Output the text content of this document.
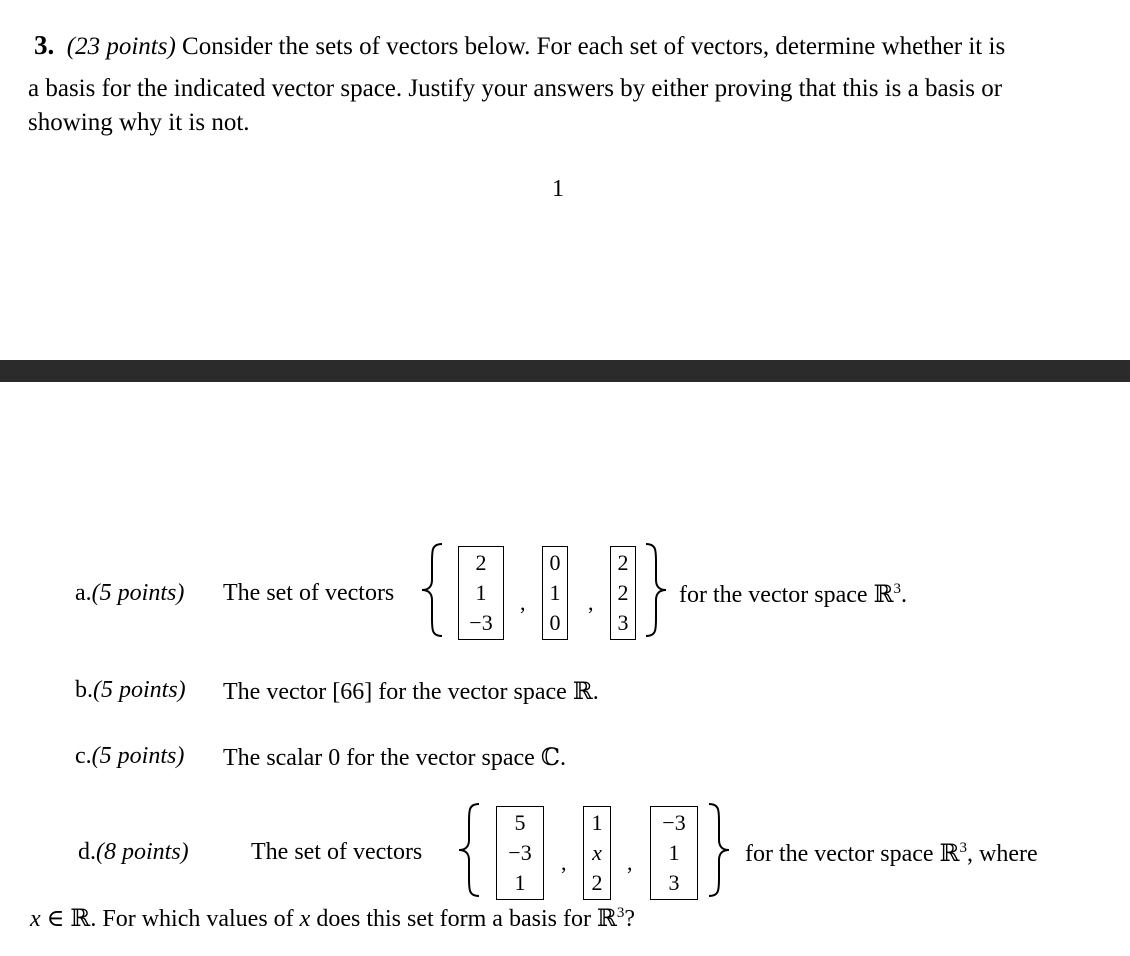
3. (23 points) Consider the sets of vectors below. For each set of vectors, determine whether it is
a basis for the indicated vector space. Justify your answers by either proving that this is a basis or
showing why it is not.
1
a.(5 points) The set of vectors
2
1
−3
,
0
1
0
,
2
2
3
for the vector space ℝ$^3$.
b.(5 points) The vector [66] for the vector space ℝ.
c.(5 points) The scalar 0 for the vector space ℂ.
d.(8 points)	The set of vectors
5
−3
1
,
1
x
2
,
−3
1
3
for the vector space ℝ$^3$, where
x ∈ ℝ. For which values of x does this set form a basis for ℝ$^3$?
